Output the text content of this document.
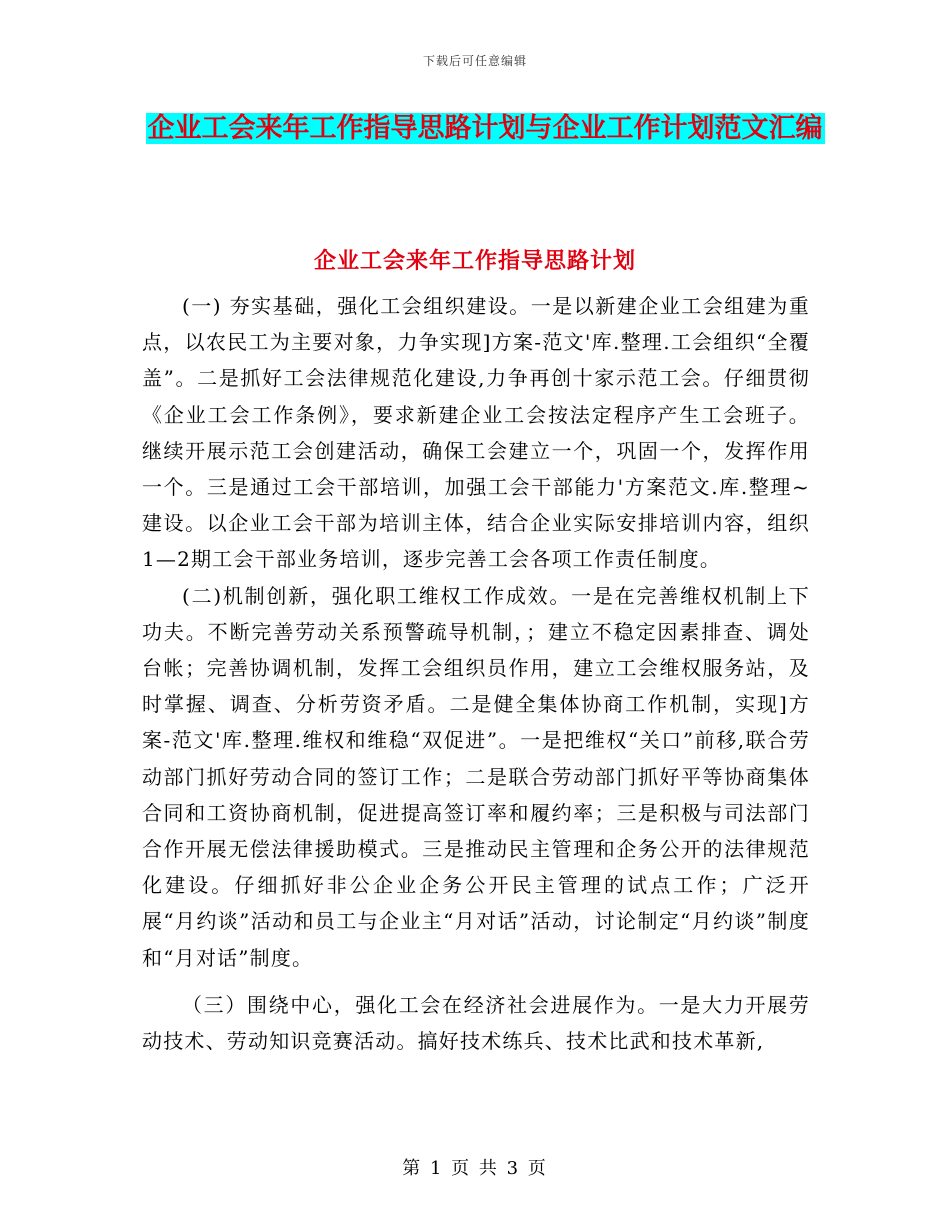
下载后可任意编辑
企业工会来年工作指导思路计划与企业工作计划范文汇编
企业工会来年工作指导思路计划

(一) 夯实基础，强化工会组织建设。一是以新建企业工会组建为重点，以农民工为主要对象，力争实现]方案-范文'库.整理.工会组织“全覆盖”。二是抓好工会法律规范化建设,力争再创十家示范工会。仔细贯彻《企业工会工作条例》，要求新建企业工会按法定程序产生工会班子。继续开展示范工会创建活动，确保工会建立一个，巩固一个，发挥作用一个。三是通过工会干部培训，加强工会干部能力'方案范文.库.整理~建设。以企业工会干部为培训主体，结合企业实际安排培训内容，组织1—2期工会干部业务培训，逐步完善工会各项工作责任制度。

(二)机制创新，强化职工维权工作成效。一是在完善维权机制上下功夫。不断完善劳动关系预警疏导机制，；建立不稳定因素排查、调处台帐；完善协调机制，发挥工会组织员作用，建立工会维权服务站，及时掌握、调查、分析劳资矛盾。二是健全集体协商工作机制，实现]方案-范文'库.整理.维权和维稳“双促进”。一是把维权“关口”前移,联合劳动部门抓好劳动合同的签订工作；二是联合劳动部门抓好平等协商集体合同和工资协商机制，促进提高签订率和履约率；三是积极与司法部门合作开展无偿法律援助模式。三是推动民主管理和企务公开的法律规范化建设。仔细抓好非公企业企务公开民主管理的试点工作；广泛开展“月约谈”活动和员工与企业主“月对话”活动，讨论制定“月约谈”制度和“月对话”制度。

（三）围绕中心，强化工会在经济社会进展作为。一是大力开展劳动技术、劳动知识竞赛活动。搞好技术练兵、技术比武和技术革新,

第 1 页 共 3 页
